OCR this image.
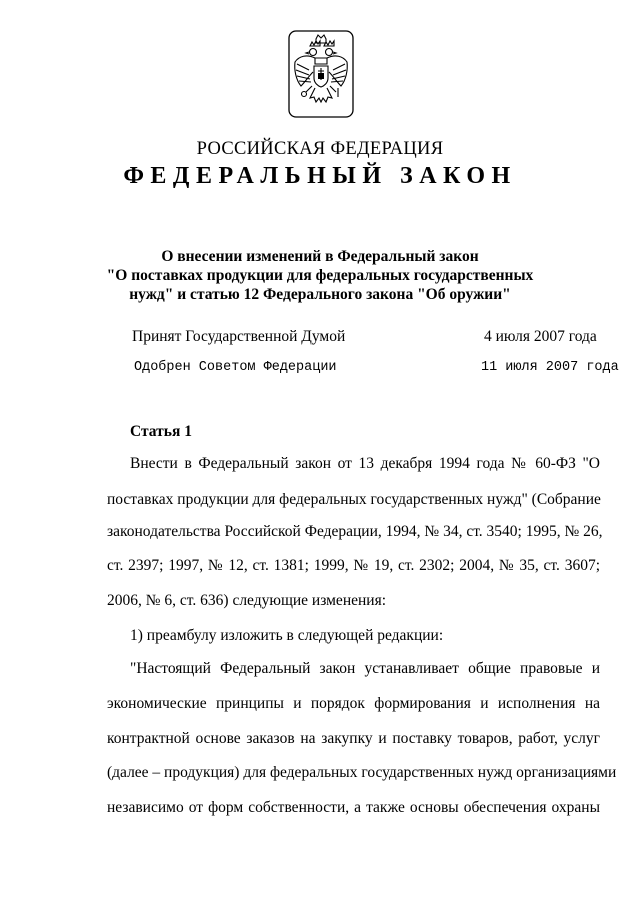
РОССИЙСКАЯ ФЕДЕРАЦИЯ
ФЕДЕРАЛЬНЫЙ ЗАКОН
О внесении изменений в Федеральный закон
"О поставках продукции для федеральных государственных
нужд" и статью 12 Федерального закона "Об оружии"
Принят Государственной Думой	4 июля 2007 года
Одобрен Советом Федерации	11 июля 2007 года
Статья 1
Внести в Федеральный закон от 13 декабря 1994 года № 60-ФЗ "О
поставках продукции для федеральных государственных нужд" (Собрание
законодательства Российской Федерации, 1994, № 34, ст. 3540; 1995, № 26,
ст. 2397; 1997, № 12, ст. 1381; 1999, № 19, ст. 2302; 2004, № 35, ст. 3607;
2006, № 6, ст. 636) следующие изменения:
1) преамбулу изложить в следующей редакции:
"Настоящий Федеральный закон устанавливает общие правовые и
экономические принципы и порядок формирования и исполнения на
контрактной основе заказов на закупку и поставку товаров, работ, услуг
(далее – продукция) для федеральных государственных нужд организациями
независимо от форм собственности, а также основы обеспечения охраны
